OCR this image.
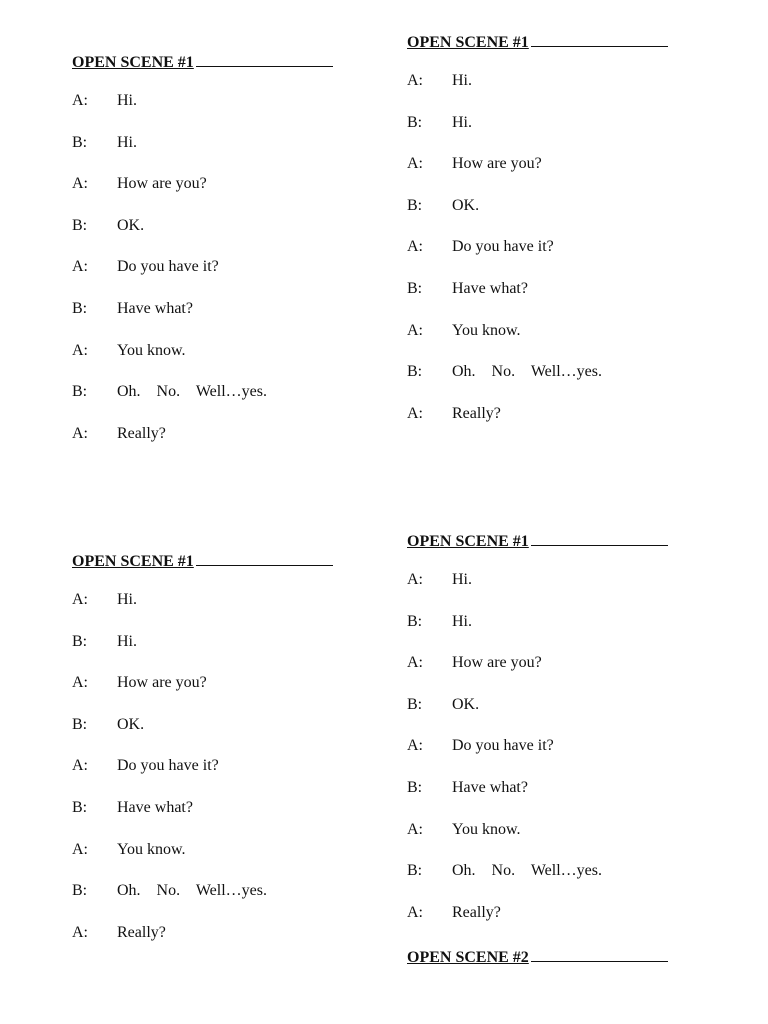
OPEN SCENE #1
A:	Hi.
B:	Hi.
A:	How are you?
B:	OK.
A:	Do you have it?
B:	Have what?
A:	You know.
B:	Oh.    No.    Well…yes.
A:	Really?
OPEN SCENE #1
A:	Hi.
B:	Hi.
A:	How are you?
B:	OK.
A:	Do you have it?
B:	Have what?
A:	You know.
B:	Oh.    No.    Well…yes.
A:	Really?
OPEN SCENE #1
A:	Hi.
B:	Hi.
A:	How are you?
B:	OK.
A:	Do you have it?
B:	Have what?
A:	You know.
B:	Oh.    No.    Well…yes.
A:	Really?
OPEN SCENE #1
A:	Hi.
B:	Hi.
A:	How are you?
B:	OK.
A:	Do you have it?
B:	Have what?
A:	You know.
B:	Oh.    No.    Well…yes.
A:	Really?
OPEN SCENE #2
